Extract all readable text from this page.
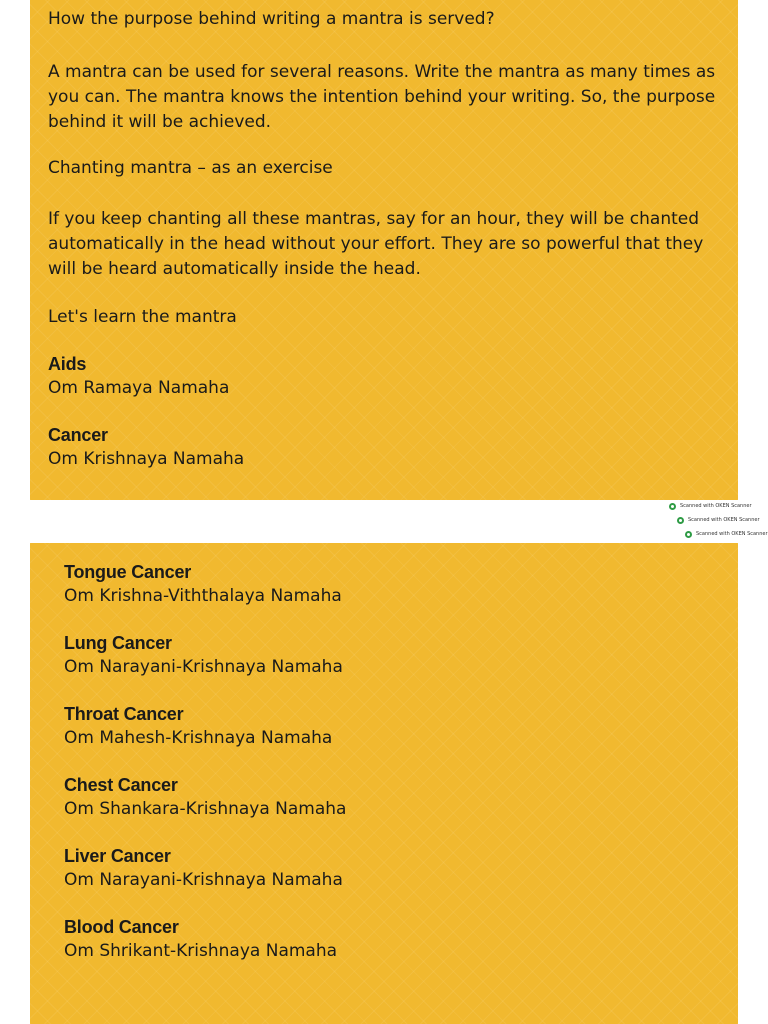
How the purpose behind writing a mantra is served?
A mantra can be used for several reasons. Write the mantra as many times as
you can. The mantra knows the intention behind your writing. So, the purpose
behind it will be achieved.
Chanting mantra – as an exercise
If you keep chanting all these mantras, say for an hour, they will be chanted
automatically in the head without your effort. They are so powerful that they
will be heard automatically inside the head.
Let's learn the mantra
Aids
Om Ramaya Namaha
Cancer
Om Krishnaya Namaha
Scanned with OKEN Scanner
Scanned with OKEN Scanner
Scanned with OKEN Scanner
Tongue Cancer
Om Krishna-Viththalaya Namaha
Lung Cancer
Om Narayani-Krishnaya Namaha
Throat Cancer
Om Mahesh-Krishnaya Namaha
Chest Cancer
Om Shankara-Krishnaya Namaha
Liver Cancer
Om Narayani-Krishnaya Namaha
Blood Cancer
Om Shrikant-Krishnaya Namaha
